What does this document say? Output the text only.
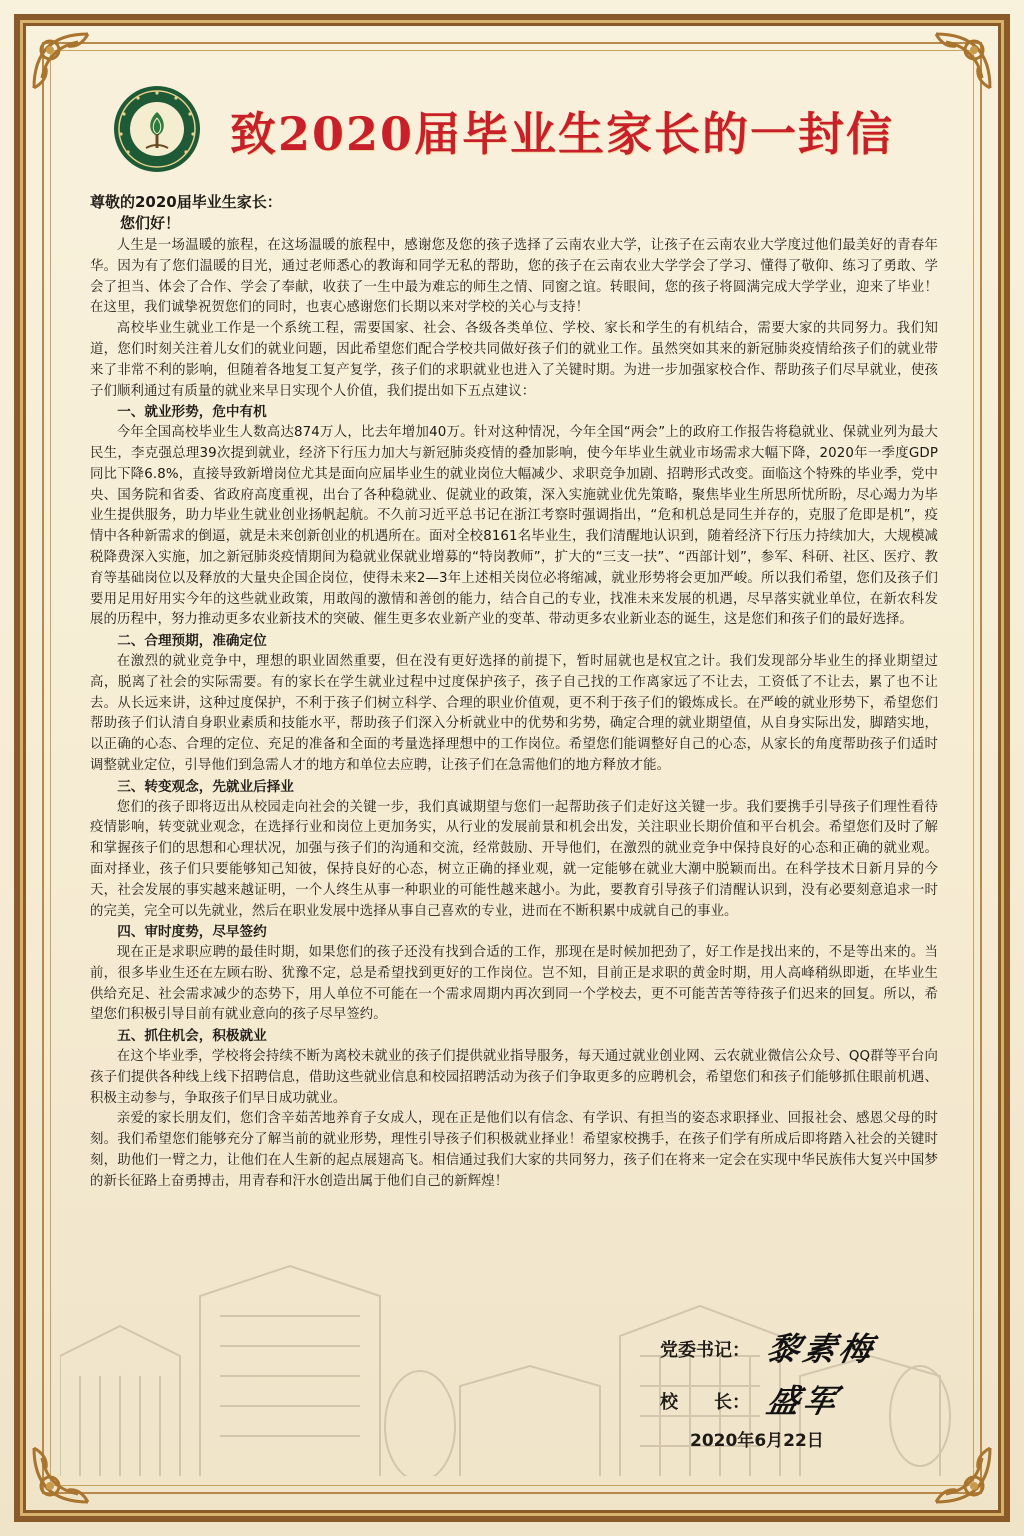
致2020届毕业生家长的一封信

尊敬的2020届毕业生家长：

您们好！

人生是一场温暖的旅程，在这场温暖的旅程中，感谢您及您的孩子选择了云南农业大学，让孩子在云南农业大学度过他们最美好的青春年华。因为有了您们温暖的目光，通过老师悉心的教诲和同学无私的帮助，您的孩子在云南农业大学学会了学习、懂得了敬仰、练习了勇敢、学会了担当、体会了合作、学会了奉献，收获了一生中最为难忘的师生之情、同窗之谊。转眼间，您的孩子将圆满完成大学学业，迎来了毕业！在这里，我们诚挚祝贺您们的同时，也衷心感谢您们长期以来对学校的关心与支持！

高校毕业生就业工作是一个系统工程，需要国家、社会、各级各类单位、学校、家长和学生的有机结合，需要大家的共同努力。我们知道，您们时刻关注着儿女们的就业问题，因此希望您们配合学校共同做好孩子们的就业工作。虽然突如其来的新冠肺炎疫情给孩子们的就业带来了非常不利的影响，但随着各地复工复产复学，孩子们的求职就业也进入了关键时期。为进一步加强家校合作、帮助孩子们尽早就业，使孩子们顺利通过有质量的就业来早日实现个人价值，我们提出如下五点建议：

一、就业形势，危中有机

今年全国高校毕业生人数高达874万人，比去年增加40万。针对这种情况，今年全国“两会”上的政府工作报告将稳就业、保就业列为最大民生，李克强总理39次提到就业，经济下行压力加大与新冠肺炎疫情的叠加影响，使今年毕业生就业市场需求大幅下降，2020年一季度GDP同比下降6.8%，直接导致新增岗位尤其是面向应届毕业生的就业岗位大幅减少、求职竞争加剧、招聘形式改变。面临这个特殊的毕业季，党中央、国务院和省委、省政府高度重视，出台了各种稳就业、促就业的政策，深入实施就业优先策略，聚焦毕业生所思所忧所盼，尽心竭力为毕业生提供服务，助力毕业生就业创业扬帆起航。不久前习近平总书记在浙江考察时强调指出，“危和机总是同生并存的，克服了危即是机”，疫情中各种新需求的倒逼，就是未来创新创业的机遇所在。面对全校8161名毕业生，我们清醒地认识到，随着经济下行压力持续加大，大规模减税降费深入实施，加之新冠肺炎疫情期间为稳就业保就业增募的“特岗教师”，扩大的“三支一扶”、“西部计划”，参军、科研、社区、医疗、教育等基础岗位以及释放的大量央企国企岗位，使得未来2—3年上述相关岗位必将缩减，就业形势将会更加严峻。所以我们希望，您们及孩子们要用足用好用实今年的这些就业政策，用敢闯的激情和善创的能力，结合自己的专业，找准未来发展的机遇，尽早落实就业单位，在新农科发展的历程中，努力推动更多农业新技术的突破、催生更多农业新产业的变革、带动更多农业新业态的诞生，这是您们和孩子们的最好选择。

二、合理预期，准确定位

在激烈的就业竞争中，理想的职业固然重要，但在没有更好选择的前提下，暂时屈就也是权宜之计。我们发现部分毕业生的择业期望过高，脱离了社会的实际需要。有的家长在学生就业过程中过度保护孩子，孩子自己找的工作离家远了不让去，工资低了不让去，累了也不让去。从长远来讲，这种过度保护，不利于孩子们树立科学、合理的职业价值观，更不利于孩子们的锻炼成长。在严峻的就业形势下，希望您们帮助孩子们认清自身职业素质和技能水平，帮助孩子们深入分析就业中的优势和劣势，确定合理的就业期望值，从自身实际出发，脚踏实地，以正确的心态、合理的定位、充足的准备和全面的考量选择理想中的工作岗位。希望您们能调整好自己的心态，从家长的角度帮助孩子们适时调整就业定位，引导他们到急需人才的地方和单位去应聘，让孩子们在急需他们的地方释放才能。

三、转变观念，先就业后择业

您们的孩子即将迈出从校园走向社会的关键一步，我们真诚期望与您们一起帮助孩子们走好这关键一步。我们要携手引导孩子们理性看待疫情影响，转变就业观念，在选择行业和岗位上更加务实，从行业的发展前景和机会出发，关注职业长期价值和平台机会。希望您们及时了解和掌握孩子们的思想和心理状况，加强与孩子们的沟通和交流，经常鼓励、开导他们，在激烈的就业竞争中保持良好的心态和正确的就业观。面对择业，孩子们只要能够知己知彼，保持良好的心态，树立正确的择业观，就一定能够在就业大潮中脱颖而出。在科学技术日新月异的今天，社会发展的事实越来越证明，一个人终生从事一种职业的可能性越来越小。为此，要教育引导孩子们清醒认识到，没有必要刻意追求一时的完美，完全可以先就业，然后在职业发展中选择从事自己喜欢的专业，进而在不断积累中成就自己的事业。

四、审时度势，尽早签约

现在正是求职应聘的最佳时期，如果您们的孩子还没有找到合适的工作，那现在是时候加把劲了，好工作是找出来的，不是等出来的。当前，很多毕业生还在左顾右盼、犹豫不定，总是希望找到更好的工作岗位。岂不知，目前正是求职的黄金时期，用人高峰稍纵即逝，在毕业生供给充足、社会需求减少的态势下，用人单位不可能在一个需求周期内再次到同一个学校去，更不可能苦苦等待孩子们迟来的回复。所以，希望您们积极引导目前有就业意向的孩子尽早签约。

五、抓住机会，积极就业

在这个毕业季，学校将会持续不断为离校未就业的孩子们提供就业指导服务，每天通过就业创业网、云农就业微信公众号、QQ群等平台向孩子们提供各种线上线下招聘信息，借助这些就业信息和校园招聘活动为孩子们争取更多的应聘机会，希望您们和孩子们能够抓住眼前机遇、积极主动参与，争取孩子们早日成功就业。

亲爱的家长朋友们，您们含辛茹苦地养育子女成人，现在正是他们以有信念、有学识、有担当的姿态求职择业、回报社会、感恩父母的时刻。我们希望您们能够充分了解当前的就业形势，理性引导孩子们积极就业择业！希望家校携手，在孩子们学有所成后即将踏入社会的关键时刻，助他们一臂之力，让他们在人生新的起点展翅高飞。相信通过我们大家的共同努力，孩子们在将来一定会在实现中华民族伟大复兴中国梦的新长征路上奋勇搏击，用青春和汗水创造出属于他们自己的新辉煌！

党委书记： 黎素梅
校　　长： 盛军
2020年6月22日
